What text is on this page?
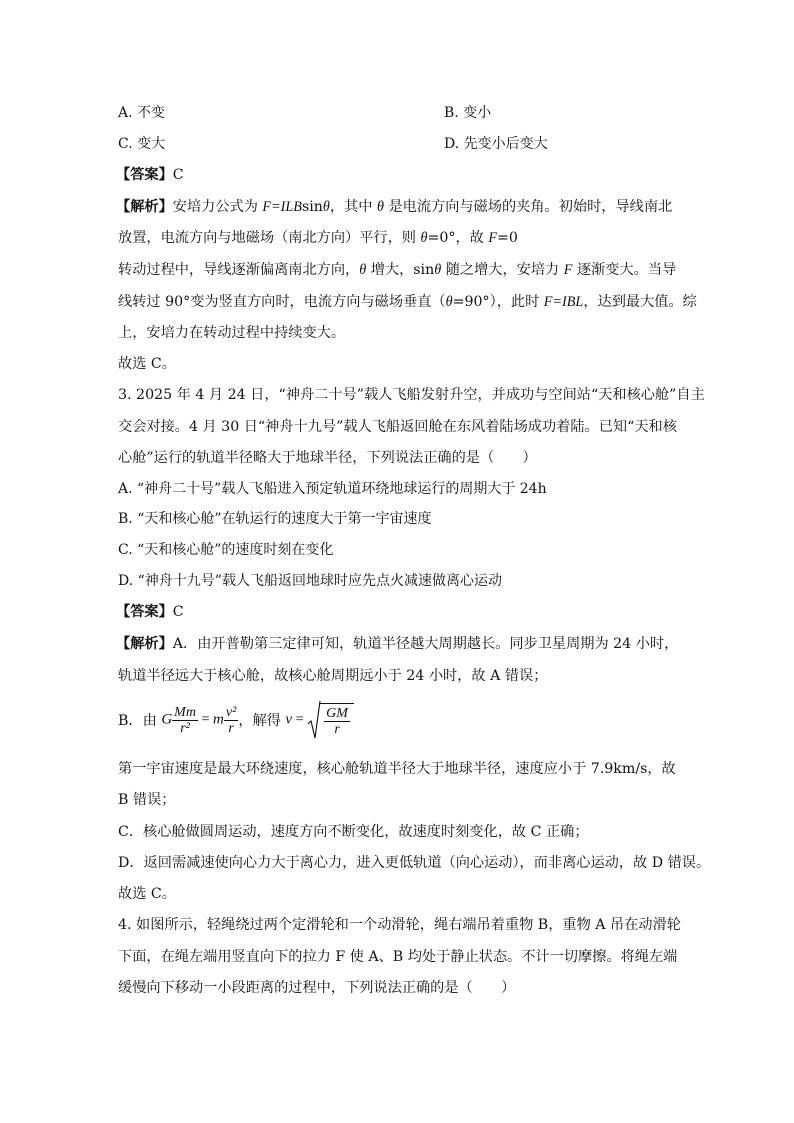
A. 不变	B. 变小
C. 变大	D. 先变小后变大
【答案】C
【解析】安培力公式为 F=ILBsinθ，其中 θ 是电流方向与磁场的夹角。初始时，导线南北
放置，电流方向与地磁场（南北方向）平行，则 θ=0°，故 F=0
转动过程中，导线逐渐偏离南北方向，θ 增大，sinθ 随之增大，安培力 F 逐渐变大。当导
线转过 90°变为竖直方向时，电流方向与磁场垂直（θ=90°），此时 F=IBL，达到最大值。综
上，安培力在转动过程中持续变大。
故选 C。
3. 2025 年 4 月 24 日，“神舟二十号”载人飞船发射升空，并成功与空间站“天和核心舱”自主
交会对接。4 月 30 日“神舟十九号”载人飞船返回舱在东风着陆场成功着陆。已知“天和核
心舱”运行的轨道半径略大于地球半径，下列说法正确的是（　　）
A. “神舟二十号”载人飞船进入预定轨道环绕地球运行的周期大于 24h
B. “天和核心舱”在轨运行的速度大于第一宇宙速度
C. “天和核心舱”的速度时刻在变化
D. “神舟十九号”载人飞船返回地球时应先点火减速做离心运动
【答案】C
【解析】A．由开普勒第三定律可知，轨道半径越大周期越长。同步卫星周期为 24 小时，
轨道半径远大于核心舱，故核心舱周期远小于 24 小时，故 A 错误；
B．由 G $\frac{Mm}{\text{r²}} = m \frac{\text{v²}}{r}$ ，解得 $v = \frac{GM}{r}$
第一宇宙速度是最大环绕速度，核心舱轨道半径大于地球半径，速度应小于 7.9km/s，故
B 错误；
C．核心舱做圆周运动，速度方向不断变化，故速度时刻变化，故 C 正确；
D．返回需减速使向心力大于离心力，进入更低轨道（向心运动），而非离心运动，故 D 错误。
故选 C。
4. 如图所示，轻绳绕过两个定滑轮和一个动滑轮，绳右端吊着重物 B，重物 A 吊在动滑轮
下面，在绳左端用竖直向下的拉力 F 使 A、B 均处于静止状态。不计一切摩擦。将绳左端
缓慢向下移动一小段距离的过程中，下列说法正确的是（　　）
